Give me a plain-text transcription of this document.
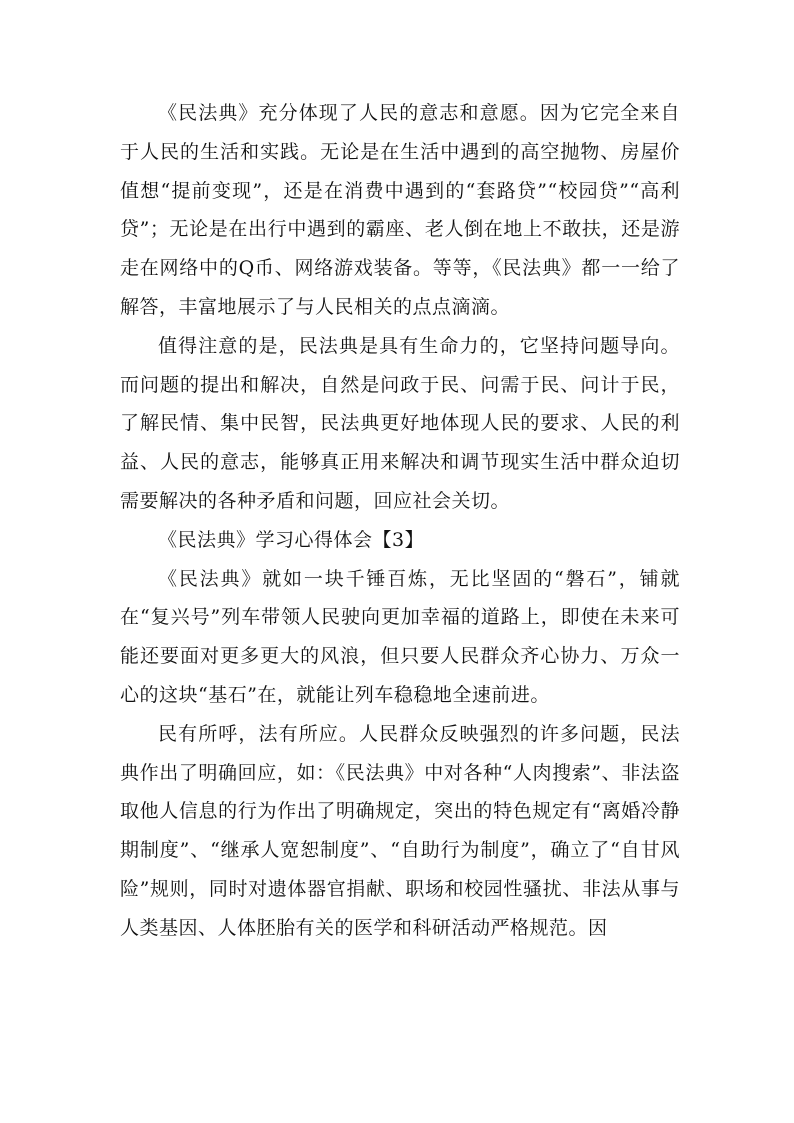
《民法典》充分体现了人民的意志和意愿。因为它完全来自于人民的生活和实践。无论是在生活中遇到的高空抛物、房屋价值想“提前变现”，还是在消费中遇到的“套路贷”“校园贷”“高利贷”；无论是在出行中遇到的霸座、老人倒在地上不敢扶，还是游走在网络中的Q币、网络游戏装备。等等，《民法典》都一一给了解答，丰富地展示了与人民相关的点点滴滴。

值得注意的是，民法典是具有生命力的，它坚持问题导向。而问题的提出和解决，自然是问政于民、问需于民、问计于民，了解民情、集中民智，民法典更好地体现人民的要求、人民的利益、人民的意志，能够真正用来解决和调节现实生活中群众迫切需要解决的各种矛盾和问题，回应社会关切。

《民法典》学习心得体会【3】

《民法典》就如一块千锤百炼，无比坚固的“磐石”，铺就在“复兴号”列车带领人民驶向更加幸福的道路上，即使在未来可能还要面对更多更大的风浪，但只要人民群众齐心协力、万众一心的这块“基石”在，就能让列车稳稳地全速前进。

民有所呼，法有所应。人民群众反映强烈的许多问题，民法典作出了明确回应，如：《民法典》中对各种“人肉搜索”、非法盗取他人信息的行为作出了明确规定，突出的特色规定有“离婚冷静期制度”、“继承人宽恕制度”、“自助行为制度”，确立了“自甘风险”规则，同时对遗体器官捐献、职场和校园性骚扰、非法从事与人类基因、人体胚胎有关的医学和科研活动严格规范。因
